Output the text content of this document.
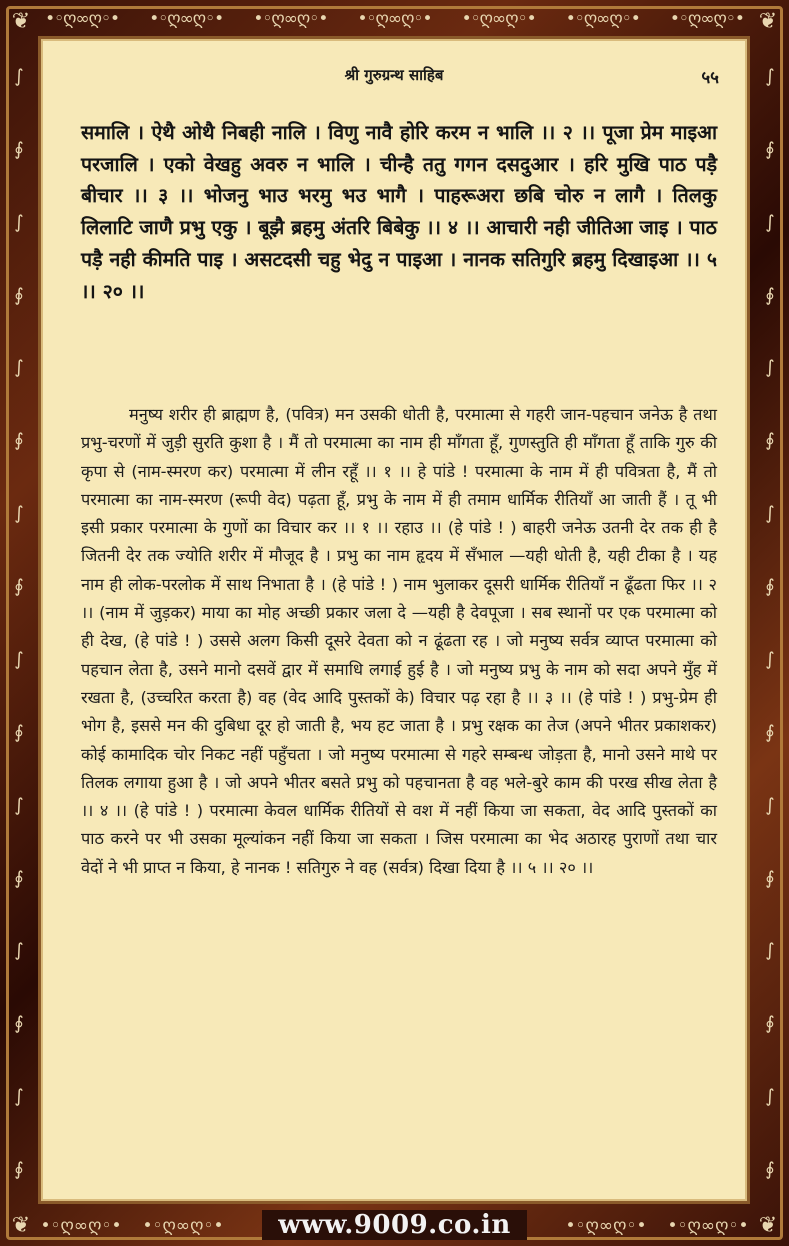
❦	❦
❦	❦
•◦ღ∞ღ◦• •◦ღ∞ღ◦• •◦ღ∞ღ◦• •◦ღ∞ღ◦• •◦ღ∞ღ◦• •◦ღ∞ღ◦• •◦ღ∞ღ◦•
∫
∮
∫
∮
∫
∮
∫
∮
∫
∮
∫
∮
∫
∮
∫
∮
∫
∮
∫
∮
∫
∮
∫
∮
∫
∮
∫
∮
∫
∮
∫
∮
•◦ღ∞ღ◦• •◦ღ∞ღ◦•	•◦ღ∞ღ◦• •◦ღ∞ღ◦•
www.9009.co.in
श्री गुरुग्रन्थ साहिब	५५
समालि । ऐथै ओथै निबही नालि । विणु नावै होरि करम न भालि ।। २ ।। पूजा प्रेम माइआ परजालि । एको वेखहु अवरु न भालि । चीन्है ततु गगन दसदुआर । हरि मुखि पाठ पड़ै बीचार ।। ३ ।। भोजनु भाउ भरमु भउ भागै । पाहरूअरा छबि चोरु न लागै । तिलकु लिलाटि जाणै प्रभु एकु । बूझै ब्रहमु अंतरि बिबेकु ।। ४ ।। आचारी नही जीतिआ जाइ । पाठ पड़ै नही कीमति पाइ । असटदसी चहु भेदु न पाइआ । नानक सतिगुरि ब्रहमु दिखाइआ ।। ५ ।। २० ।।
मनुष्य शरीर ही ब्राह्मण है, (पवित्र) मन उसकी धोती है, परमात्मा से गहरी जान-पहचान जनेऊ है तथा प्रभु-चरणों में जुड़ी सुरति कुशा है । मैं तो परमात्मा का नाम ही माँगता हूँ, गुणस्तुति ही माँगता हूँ ताकि गुरु की कृपा से (नाम-स्मरण कर) परमात्मा में लीन रहूँ ।। १ ।। हे पांडे ! परमात्मा के नाम में ही पवित्रता है, मैं तो परमात्मा का नाम-स्मरण (रूपी वेद) पढ़ता हूँ, प्रभु के नाम में ही तमाम धार्मिक रीतियाँ आ जाती हैं । तू भी इसी प्रकार परमात्मा के गुणों का विचार कर ।। १ ।। रहाउ ।। (हे पांडे ! ) बाहरी जनेऊ उतनी देर तक ही है जितनी देर तक ज्योति शरीर में मौजूद है । प्रभु का नाम हृदय में सँभाल —यही धोती है, यही टीका है । यह नाम ही लोक-परलोक में साथ निभाता है । (हे पांडे ! ) नाम भुलाकर दूसरी धार्मिक रीतियाँ न ढूँढता फिर ।। २ ।। (नाम में जुड़कर) माया का मोह अच्छी प्रकार जला दे —यही है देवपूजा । सब स्थानों पर एक परमात्मा को ही देख, (हे पांडे ! ) उससे अलग किसी दूसरे देवता को न ढूंढता रह । जो मनुष्य सर्वत्र व्याप्त परमात्मा को पहचान लेता है, उसने मानो दसवें द्वार में समाधि लगाई हुई है । जो मनुष्य प्रभु के नाम को सदा अपने मुँह में रखता है, (उच्चरित करता है) वह (वेद आदि पुस्तकों के) विचार पढ़ रहा है ।। ३ ।। (हे पांडे ! ) प्रभु-प्रेम ही भोग है, इससे मन की दुबिधा दूर हो जाती है, भय हट जाता है । प्रभु रक्षक का तेज (अपने भीतर प्रकाशकर) कोई कामादिक चोर निकट नहीं पहुँचता । जो मनुष्य परमात्मा से गहरे सम्बन्ध जोड़ता है, मानो उसने माथे पर तिलक लगाया हुआ है । जो अपने भीतर बसते प्रभु को पहचानता है वह भले-बुरे काम की परख सीख लेता है ।। ४ ।। (हे पांडे ! ) परमात्मा केवल धार्मिक रीतियों से वश में नहीं किया जा सकता, वेद आदि पुस्तकों का पाठ करने पर भी उसका मूल्यांकन नहीं किया जा सकता । जिस परमात्मा का भेद अठारह पुराणों तथा चार वेदों ने भी प्राप्त न किया, हे नानक ! सतिगुरु ने वह (सर्वत्र) दिखा दिया है ।। ५ ।। २० ।।
